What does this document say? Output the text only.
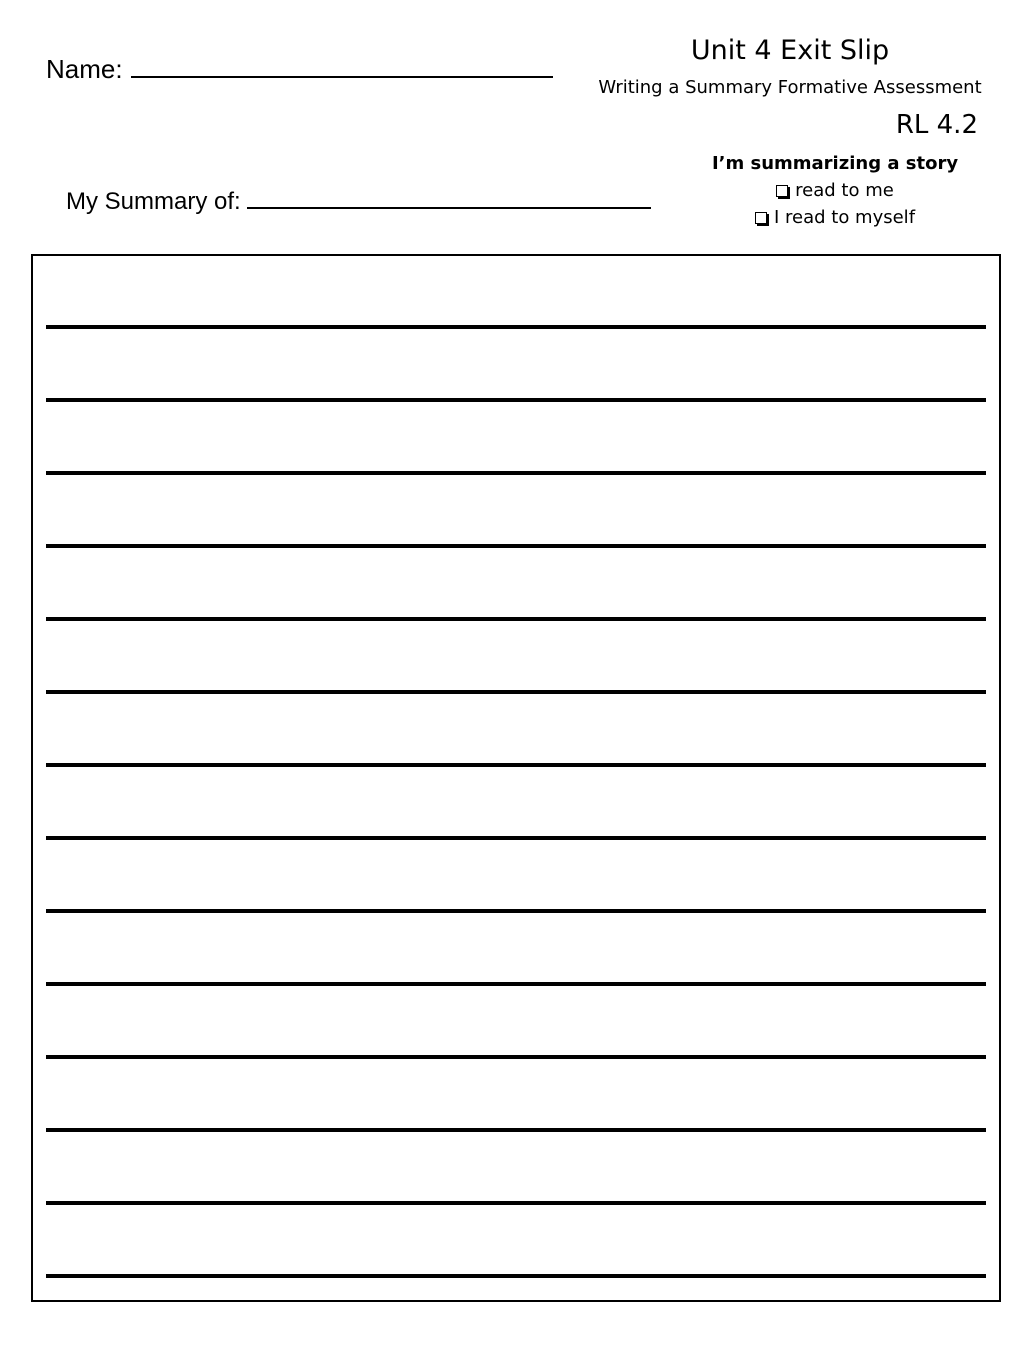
Name:
Unit 4 Exit Slip
Writing a Summary Formative Assessment
RL 4.2
I’m summarizing a story
read to me
I read to myself
My Summary of:
